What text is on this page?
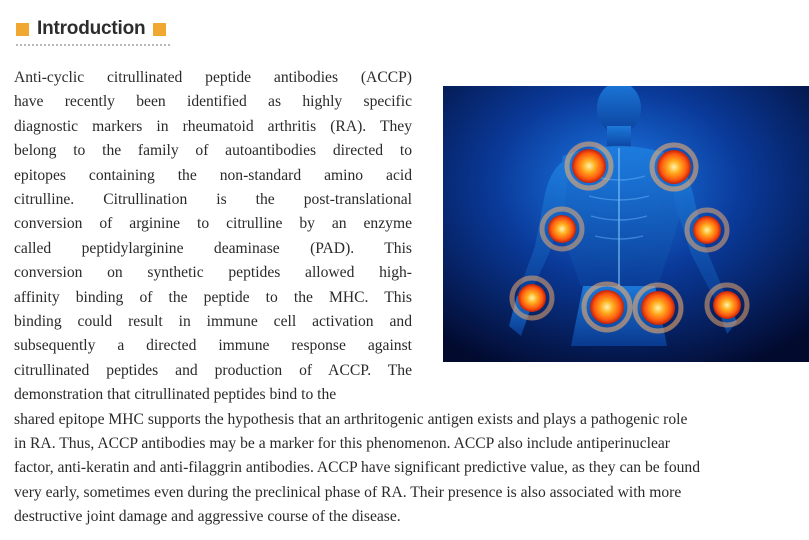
Introduction
Anti-cyclic citrullinated peptide antibodies (ACCP)
have recently been identified as highly specific
diagnostic markers in rheumatoid arthritis (RA). They
belong to the family of autoantibodies directed to
epitopes containing the non-standard amino acid
citrulline. Citrullination is the post-translational
conversion of arginine to citrulline by an enzyme
called peptidylarginine deaminase (PAD). This
conversion on synthetic peptides allowed high-
affinity binding of the peptide to the MHC. This
binding could result in immune cell activation and
subsequently a directed immune response against
citrullinated peptides and production of ACCP. The
demonstration that citrullinated peptides bind to the
shared epitope MHC supports the hypothesis that an arthritogenic antigen exists and plays a pathogenic role
in RA. Thus, ACCP antibodies may be a marker for this phenomenon. ACCP also include antiperinuclear
factor, anti-keratin and anti-filaggrin antibodies. ACCP have significant predictive value, as they can be found
very early, sometimes even during the preclinical phase of RA. Their presence is also associated with more
destructive joint damage and aggressive course of the disease.
